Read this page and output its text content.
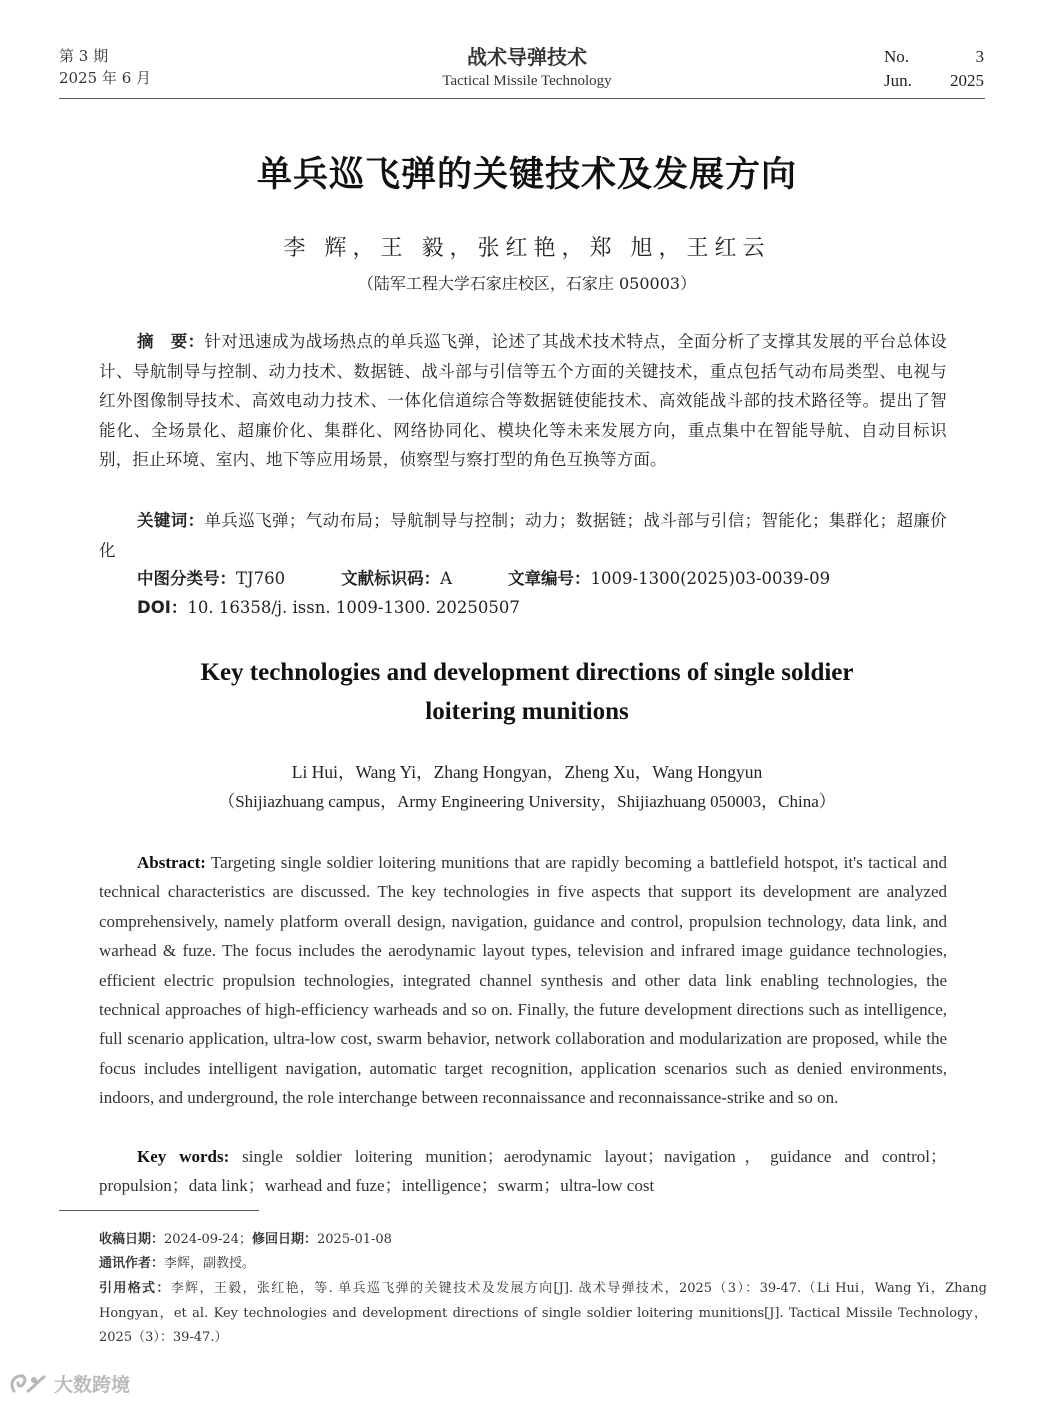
第 3 期
2025 年 6 月
战术导弹技术
Tactical Missile Technology
No.	3
Jun. 2025
单兵巡飞弹的关键技术及发展方向
李 辉，王 毅，张红艳，郑 旭，王红云
（陆军工程大学石家庄校区，石家庄 050003）
摘　要：针对迅速成为战场热点的单兵巡飞弹，论述了其战术技术特点，全面分析了支撑其发展的平台总体设计、导航制导与控制、动力技术、数据链、战斗部与引信等五个方面的关键技术，重点包括气动布局类型、电视与红外图像制导技术、高效电动力技术、一体化信道综合等数据链使能技术、高效能战斗部的技术路径等。提出了智能化、全场景化、超廉价化、集群化、网络协同化、模块化等未来发展方向，重点集中在智能导航、自动目标识别，拒止环境、室内、地下等应用场景，侦察型与察打型的角色互换等方面。
关键词：单兵巡飞弹；气动布局；导航制导与控制；动力；数据链；战斗部与引信；智能化；集群化；超廉价化
中图分类号：TJ760	文献标识码：A	文章编号：1009-1300(2025)03-0039-09
DOI：10. 16358/j. issn. 1009-1300. 20250507
Key technologies and development directions of single soldier
loitering munitions
Li Hui，Wang Yi，Zhang Hongyan，Zheng Xu，Wang Hongyun
（Shijiazhuang campus，Army Engineering University，Shijiazhuang 050003，China）
Abstract: Targeting single soldier loitering munitions that are rapidly becoming a battlefield hotspot, it's tactical and technical characteristics are discussed. The key technologies in five aspects that support its development are analyzed comprehensively, namely platform overall design, navigation, guidance and control, propulsion technology, data link, and warhead & fuze. The focus includes the aerodynamic layout types, television and infrared image guidance technologies, efficient electric propulsion technologies, integrated channel synthesis and other data link enabling technologies, the technical approaches of high-efficiency warheads and so on. Finally, the future development directions such as intelligence, full scenario application, ultra-low cost, swarm behavior, network collaboration and modularization are proposed, while the focus includes intelligent navigation, automatic target recognition, application scenarios such as denied environments, indoors, and underground, the role interchange between reconnaissance and reconnaissance-strike and so on.
Key words: single soldier loitering munition；aerodynamic layout；navigation，guidance and control；propulsion；data link；warhead and fuze；intelligence；swarm；ultra-low cost
收稿日期：2024-09-24；修回日期：2025-01-08
通讯作者：李辉，副教授。
引用格式：李辉，王毅，张红艳，等. 单兵巡飞弹的关键技术及发展方向[J]. 战术导弹技术，2025（3）：39-47.（Li Hui，Wang Yi，Zhang Hongyan，et al. Key technologies and development directions of single soldier loitering munitions[J]. Tactical Missile Technology，2025（3）：39-47.）
大数跨境
